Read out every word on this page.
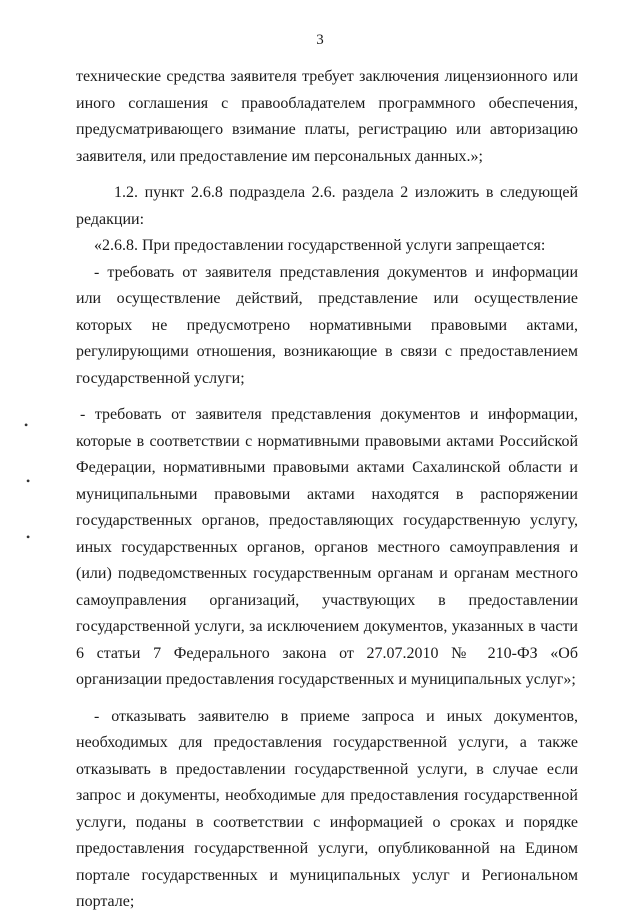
3
•
•
•

технические средства заявителя требует заключения лицензионного или иного соглашения с правообладателем программного обеспечения, предусматривающего взимание платы, регистрацию или авторизацию заявителя, или предоставление им персональных данных.»;

1.2. пункт 2.6.8 подраздела 2.6. раздела 2 изложить в следующей редакции:

«2.6.8. При предоставлении государственной услуги запрещается:

- требовать от заявителя представления документов и информации или осуществление действий, представление или осуществление которых не предусмотрено нормативными правовыми актами, регулирующими отношения, возникающие в связи с предоставлением государственной услуги;

- требовать от заявителя представления документов и информации, которые в соответствии с нормативными правовыми актами Российской Федерации, нормативными правовыми актами Сахалинской области и муниципальными правовыми актами находятся в распоряжении государственных органов, предоставляющих государственную услугу, иных государственных органов, органов местного самоуправления и (или) подведомственных государственным органам и органам местного самоуправления организаций, участвующих в предоставлении государственной услуги, за исключением документов, указанных в части 6 статьи 7 Федерального закона от 27.07.2010 № 210-ФЗ «Об организации предоставления государственных и муниципальных услуг»;

- отказывать заявителю в приеме запроса и иных документов, необходимых для предоставления государственной услуги, а также отказывать в предоставлении государственной услуги, в случае если запрос и документы, необходимые для предоставления государственной услуги, поданы в соответствии с информацией о сроках и порядке предоставления государственной услуги, опубликованной на Едином портале государственных и муниципальных услуг и Региональном портале;
